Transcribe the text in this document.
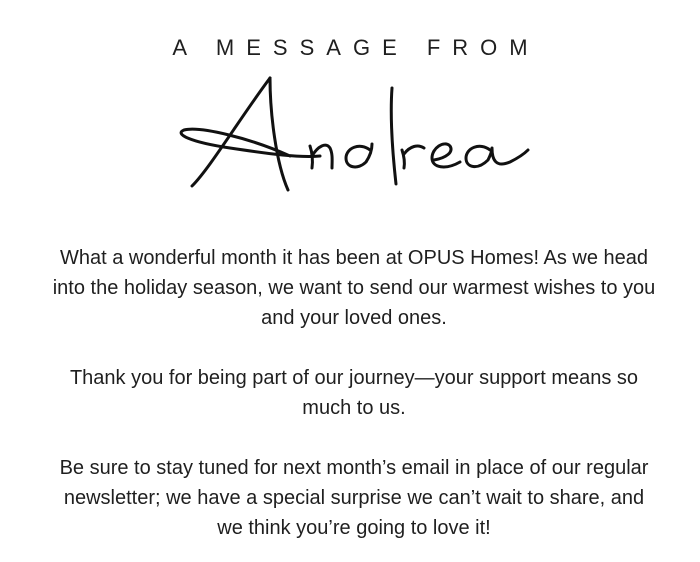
A MESSAGE FROM

What a wonderful month it has been at OPUS Homes! As we head into the holiday season, we want to send our warmest wishes to you and your loved ones.

Thank you for being part of our journey—your support means so much to us.

Be sure to stay tuned for next month’s email in place of our regular newsletter; we have a special surprise we can’t wait to share, and we think you’re going to love it!
